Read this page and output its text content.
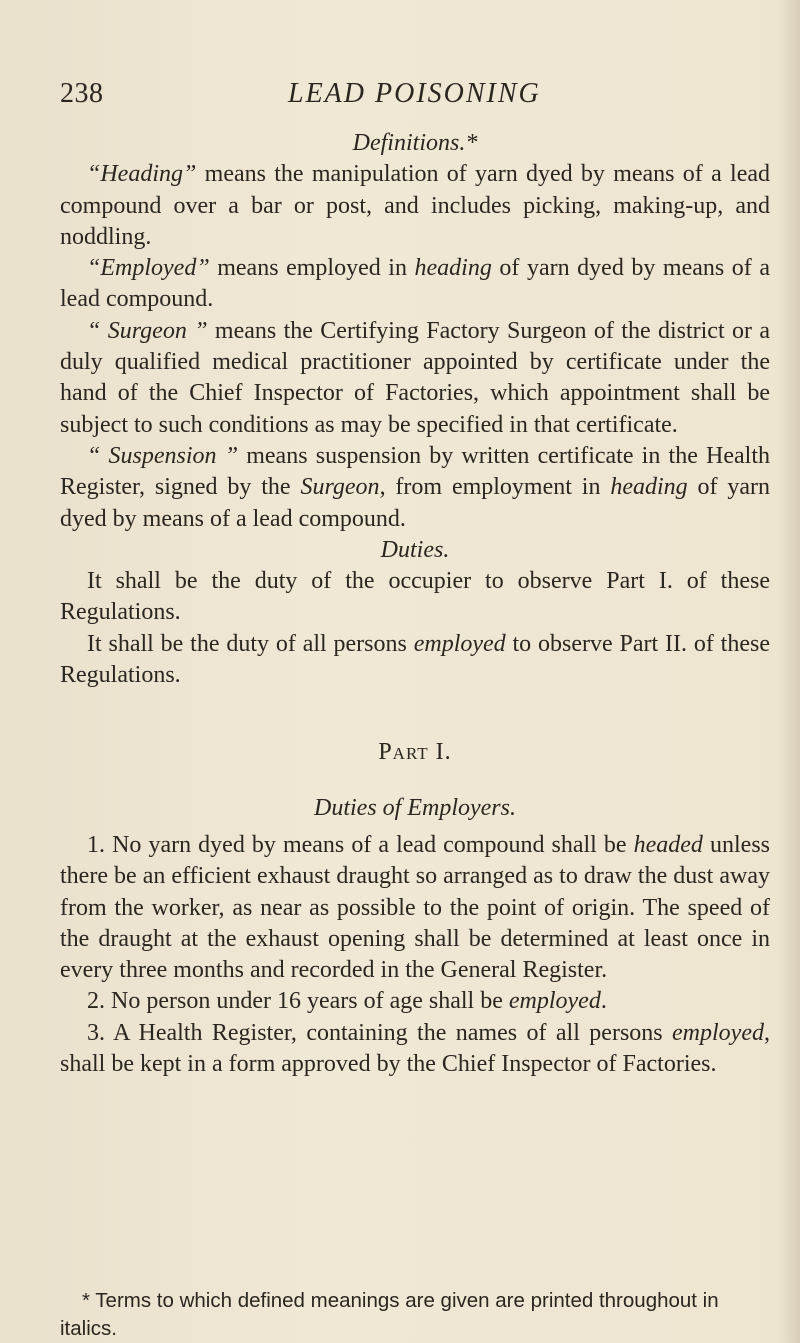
238	LEAD POISONING

Definitions.*

“Heading” means the manipulation of yarn dyed by means of a lead compound over a bar or post, and includes picking, making-up, and noddling.

“Employed” means employed in heading of yarn dyed by means of a lead compound.

“ Surgeon ” means the Certifying Factory Surgeon of the district or a duly qualified medical practitioner appointed by certificate under the hand of the Chief Inspector of Factories, which appointment shall be subject to such conditions as may be specified in that certificate.

“ Suspension ” means suspension by written certificate in the Health Register, signed by the Surgeon, from employment in heading of yarn dyed by means of a lead compound.

Duties.

It shall be the duty of the occupier to observe Part I. of these Regulations.

It shall be the duty of all persons employed to observe Part II. of these Regulations.

Part I.

Duties of Employers.

1. No yarn dyed by means of a lead compound shall be headed unless there be an efficient exhaust draught so arranged as to draw the dust away from the worker, as near as possible to the point of origin. The speed of the draught at the exhaust opening shall be determined at least once in every three months and recorded in the General Register.

2. No person under 16 years of age shall be employed.

3. A Health Register, containing the names of all persons employed, shall be kept in a form approved by the Chief Inspector of Factories.

* Terms to which defined meanings are given are printed throughout in italics.
